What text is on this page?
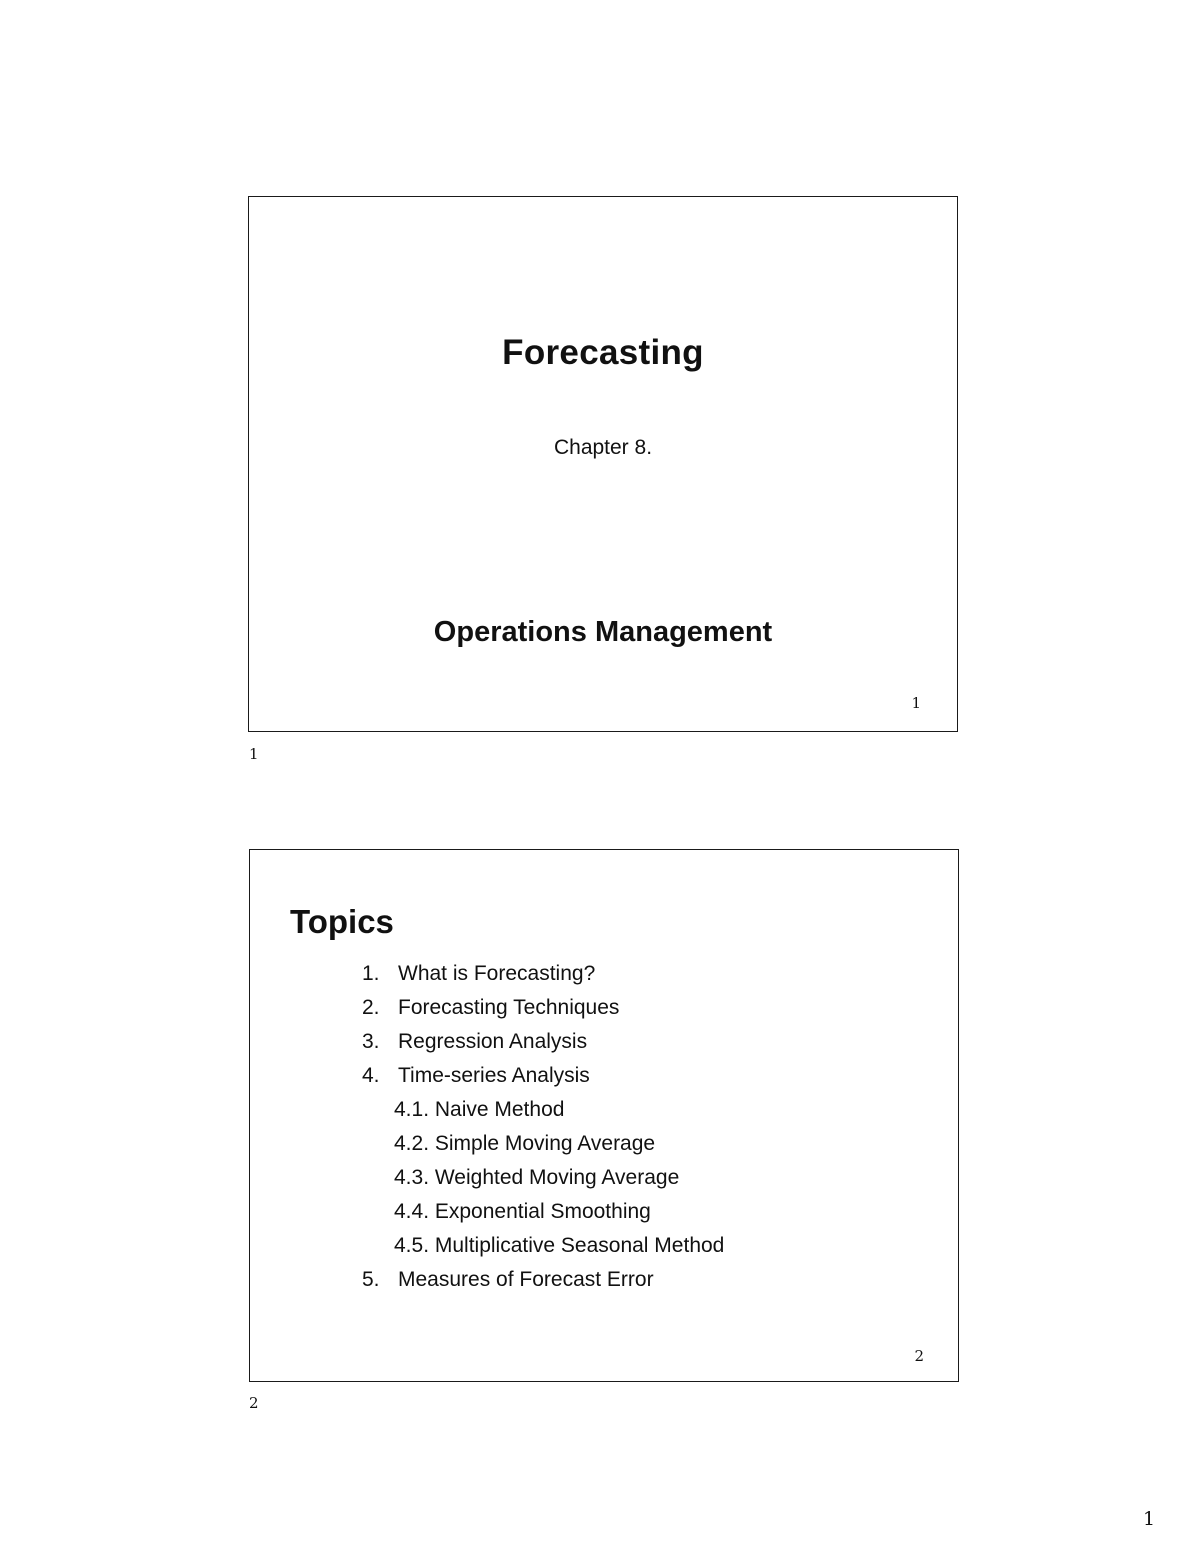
Forecasting
Chapter 8.
Operations Management
1
1
Topics
1. What is Forecasting?
2. Forecasting Techniques
3. Regression Analysis
4. Time-series Analysis
4.1. Naive Method
4.2. Simple Moving Average
4.3. Weighted Moving Average
4.4. Exponential Smoothing
4.5. Multiplicative Seasonal Method
5. Measures of Forecast Error
2
2
1
